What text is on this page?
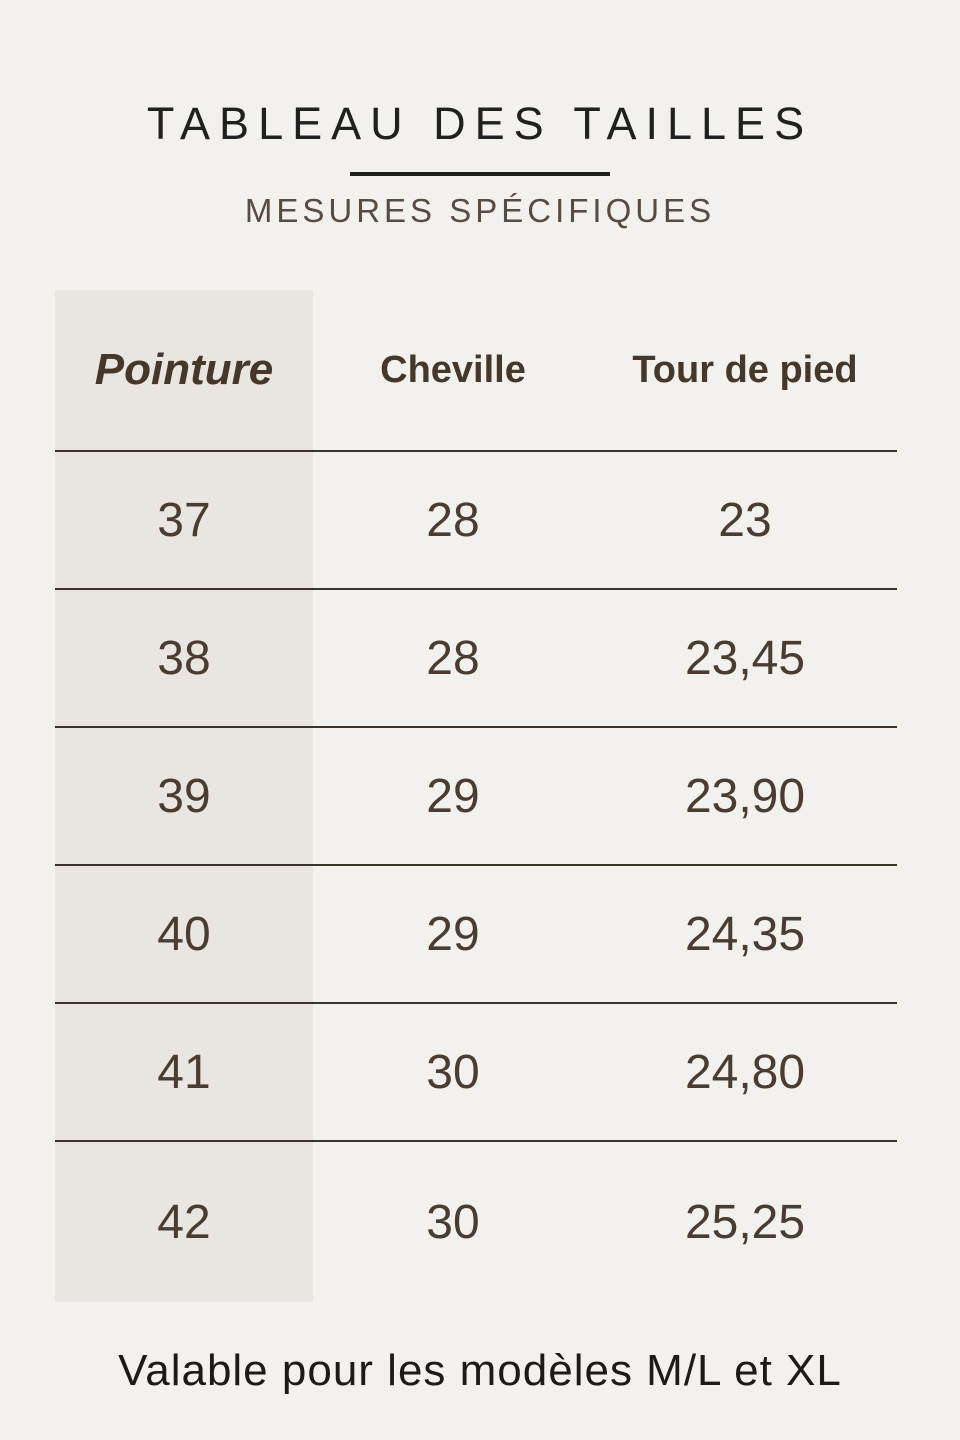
TABLEAU DES TAILLES
MESURES SPÉCIFIQUES
Pointure	Cheville	Tour de pied
37	28	23
38	28	23,45
39	29	23,90
40	29	24,35
41	30	24,80
42	30	25,25
Valable pour les modèles M/L et XL
